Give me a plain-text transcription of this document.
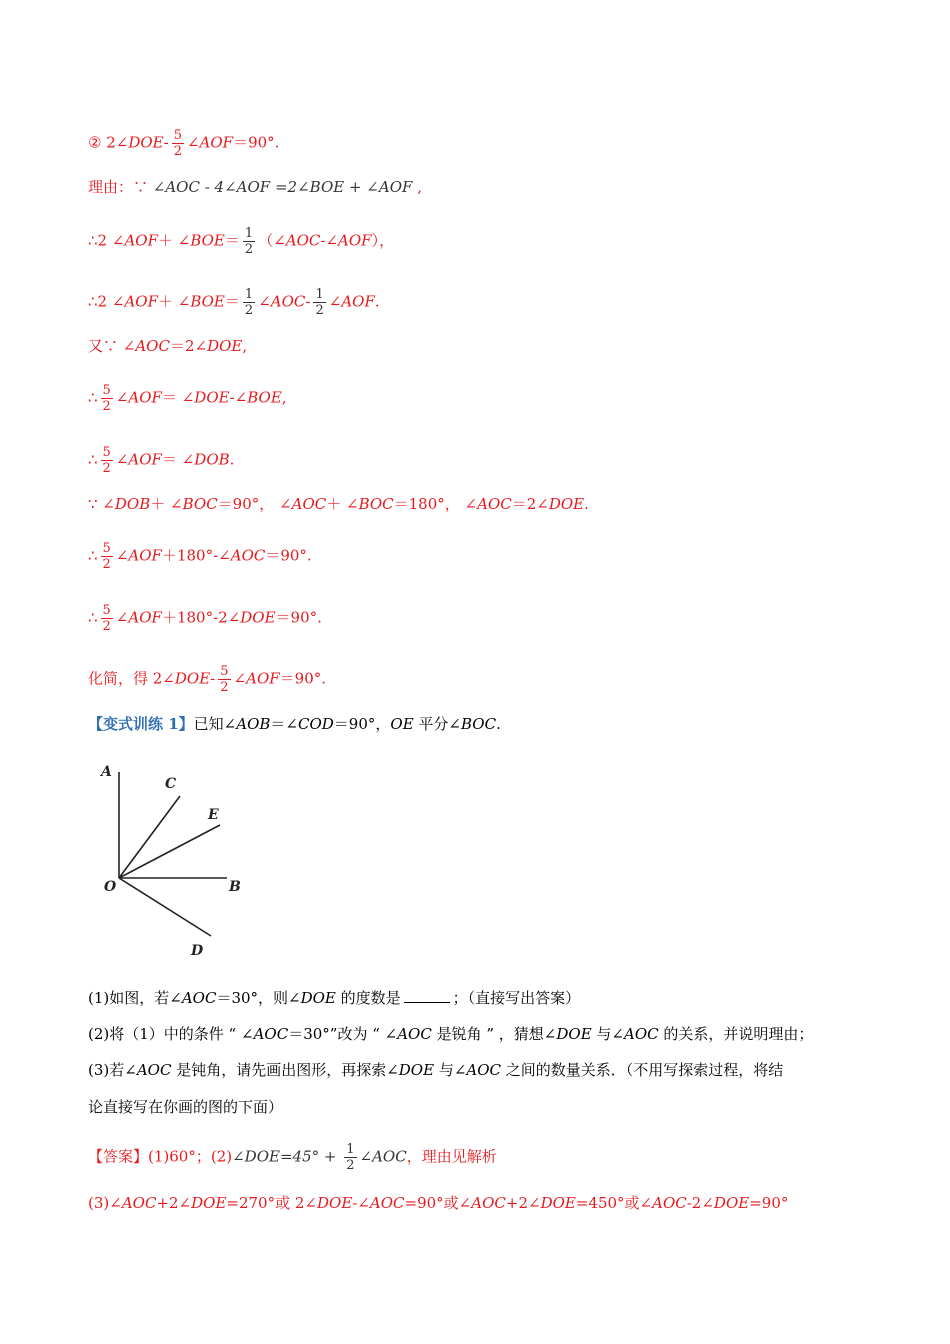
② 2∠DOE- $\frac{5}{2}$ ∠AOF＝90°.
理由：∵ ∠AOC - 4∠AOF =2∠BOE + ∠AOF ,
∴2 ∠AOF＋ ∠BOE＝ $\frac{1}{2}$ （∠AOC-∠AOF），
∴2 ∠AOF＋ ∠BOE＝ $\frac{1}{2}$ ∠AOC- $\frac{1}{2}$ ∠AOF.
又∵ ∠AOC＝2∠DOE,
∴ $\frac{5}{2}$ ∠AOF＝ ∠DOE-∠BOE,
∴ $\frac{5}{2}$ ∠AOF＝ ∠DOB.
∵ ∠DOB＋ ∠BOC＝90°， ∠AOC＋ ∠BOC＝180°， ∠AOC＝2∠DOE.
∴ $\frac{5}{2}$ ∠AOF＋180°-∠AOC＝90°.
∴ $\frac{5}{2}$ ∠AOF＋180°-2∠DOE＝90°.
化简，得 2∠DOE- $\frac{5}{2}$ ∠AOF＝90°.
【变式训练 1】已知∠AOB＝∠COD＝90°，OE 平分∠BOC.
A
C
E
O	B
D
(1)如图，若∠AOC＝30°，则∠DOE 的度数是	；（直接写出答案）
(2)将（1）中的条件 “ ∠AOC＝30°”改为 “ ∠AOC 是锐角 ” ，猜想∠DOE 与∠AOC 的关系，并说明理由；
(3)若∠AOC 是钝角，请先画出图形，再探索∠DOE 与∠AOC 之间的数量关系．（不用写探索过程，将结
论直接写在你画的图的下面）
【答案】(1)60°；(2)∠DOE=45° + $\frac{1}{2}$ ∠AOC，理由见解析
(3)∠AOC+2∠DOE=270°或 2∠DOE-∠AOC=90°或∠AOC+2∠DOE=450°或∠AOC-2∠DOE=90°
